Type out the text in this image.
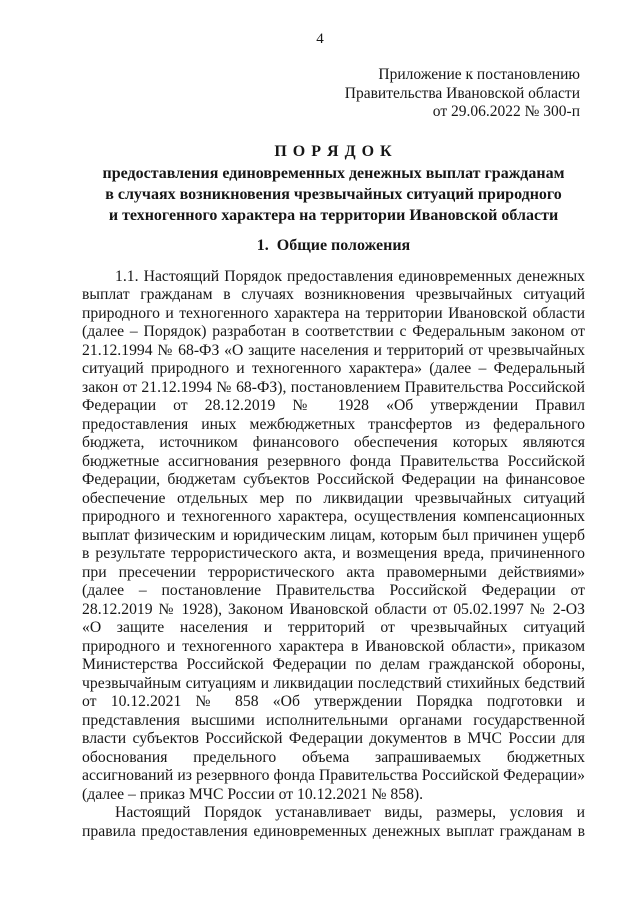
4
Приложение к постановлению
Правительства Ивановской области
от 29.06.2022 № 300-п
П О Р Я Д О К
предоставления единовременных денежных выплат гражданам
в случаях возникновения чрезвычайных ситуаций природного
и техногенного характера на территории Ивановской области
1.  Общие положения

1.1. Настоящий Порядок предоставления единовременных денежных выплат гражданам в случаях возникновения чрезвычайных ситуаций природного и техногенного характера на территории Ивановской области (далее – Порядок) разработан в соответствии с Федеральным законом от 21.12.1994 № 68-ФЗ «О защите населения и территорий от чрезвычайных ситуаций природного и техногенного характера» (далее – Федеральный закон от 21.12.1994 № 68-ФЗ), постановлением Правительства Российской Федерации от 28.12.2019 № 1928 «Об утверждении Правил предоставления иных межбюджетных трансфертов из федерального бюджета, источником финансового обеспечения которых являются бюджетные ассигнования резервного фонда Правительства Российской Федерации, бюджетам субъектов Российской Федерации на финансовое обеспечение отдельных мер по ликвидации чрезвычайных ситуаций природного и техногенного характера, осуществления компенсационных выплат физическим и юридическим лицам, которым был причинен ущерб в результате террористического акта, и возмещения вреда, причиненного при пресечении террористического акта правомерными действиями» (далее – постановление Правительства Российской Федерации от 28.12.2019 № 1928), Законом Ивановской области от 05.02.1997 № 2-ОЗ «О защите населения и территорий от чрезвычайных ситуаций природного и техногенного характера в Ивановской области», приказом Министерства Российской Федерации по делам гражданской обороны, чрезвычайным ситуациям и ликвидации последствий стихийных бедствий от 10.12.2021 № 858 «Об утверждении Порядка подготовки и представления высшими исполнительными органами государственной власти субъектов Российской Федерации документов в МЧС России для обоснования предельного объема запрашиваемых бюджетных ассигнований из резервного фонда Правительства Российской Федерации» (далее – приказ МЧС России от 10.12.2021 № 858).

Настоящий Порядок устанавливает виды, размеры, условия и правила предоставления единовременных денежных выплат гражданам в
